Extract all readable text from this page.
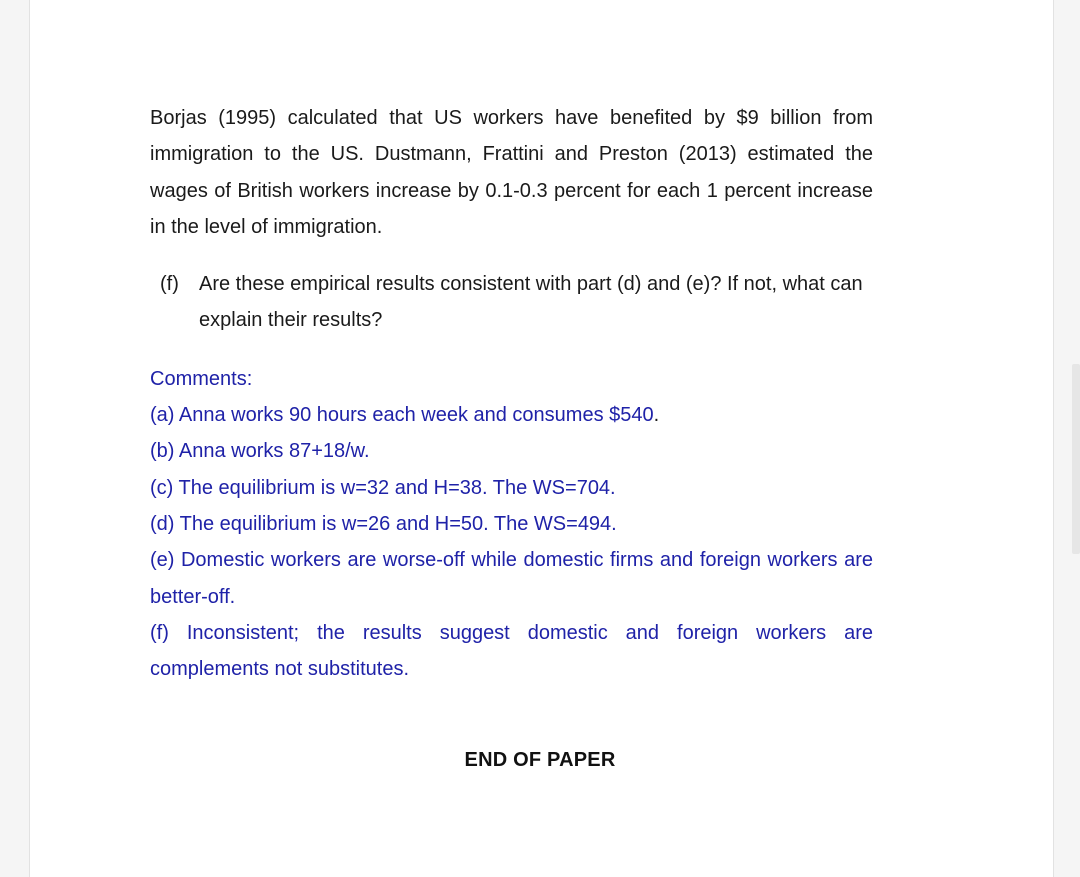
Borjas (1995) calculated that US workers have benefited by $9 billion from immigration to the US. Dustmann, Frattini and Preston (2013) estimated the wages of British workers increase by 0.1-0.3 percent for each 1 percent increase in the level of immigration.

(f)	Are these empirical results consistent with part (d) and (e)? If not, what can explain their results?

Comments:

(a) Anna works 90 hours each week and consumes $540.

(b) Anna works 87+18/w.

(c) The equilibrium is w=32 and H=38. The WS=704.

(d) The equilibrium is w=26 and H=50. The WS=494.

(e) Domestic workers are worse-off while domestic firms and foreign workers are better-off.

(f) Inconsistent; the results suggest domestic and foreign workers are complements not substitutes.

END OF PAPER
